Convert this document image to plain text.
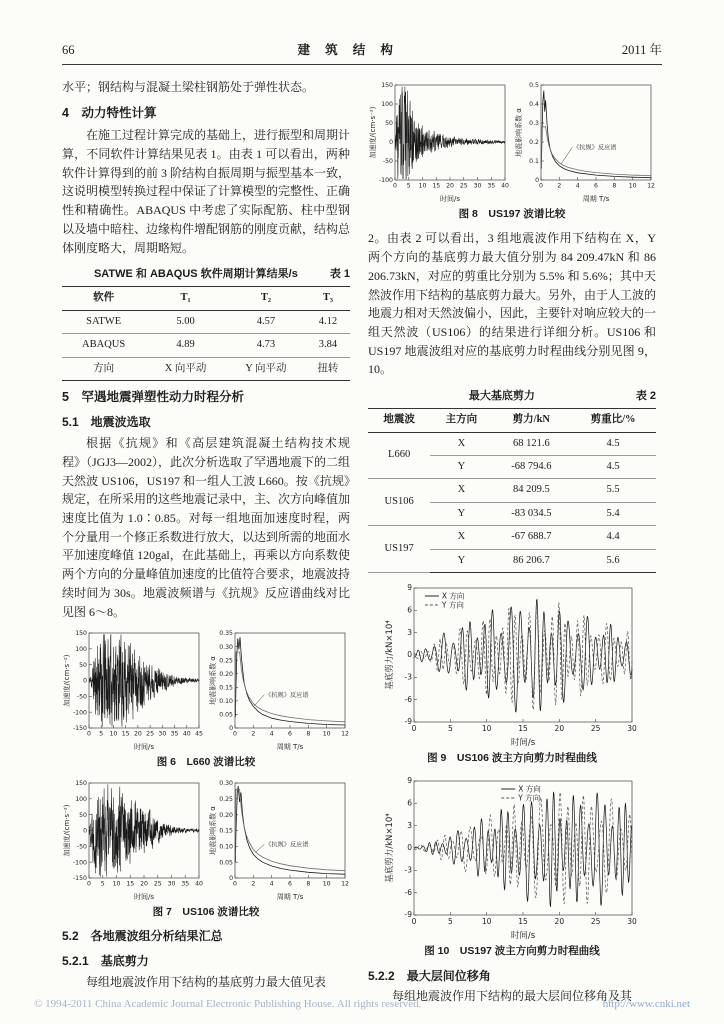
66	建 筑 结 构	2011 年

水平；钢结构与混凝土梁柱钢筋处于弹性状态。

4　动力特性计算

在施工过程计算完成的基础上，进行振型和周期计算，不同软件计算结果见表 1。由表 1 可以看出，两种软件计算得到的前 3 阶结构自振周期与振型基本一致，这说明模型转换过程中保证了计算模型的完整性、正确性和精确性。ABAQUS 中考虑了实际配筋、柱中型钢以及墙中暗柱、边缘构件增配钢筋的刚度贡献，结构总体刚度略大，周期略短。

SATWE 和 ABAQUS 软件周期计算结果/s	表 1
软件	T₁	T₂	T₃
SATWE	5.00	4.57	4.12
ABAQUS	4.89	4.73	3.84
方向	X 向平动	Y 向平动	扭转
5　罕遇地震弹塑性动力时程分析
5.1　地震波选取

根据《抗规》和《高层建筑混凝土结构技术规程》（JGJ3—2002），此次分析选取了罕遇地震下的二组天然波 US106，US197 和一组人工波 L660。按《抗规》规定，在所采用的这些地震记录中，主、次方向峰值加速度比值为 1.0∶0.85。对每一组地面加速度时程，两个分量用一个修正系数进行放大，以达到所需的地面水平加速度峰值 120gal，在此基础上，再乘以方向系数使两个方向的分量峰值加速度的比值符合要求，地震波持续时间为 30s。地震波频谱与《抗规》反应谱曲线对比见图 6～8。

0 5 10 15 20 25 30 35 40 45
-150
-100
-50
0
50
100
150
时间/s
加速度/(cm·s⁻²)
0 2 4 6 8 10 12
0
0.05
0.10
0.15
0.20
0.25
0.30
0.35
周期 T/s
地震影响系数 α	《抗规》反应谱
图 6　L660 波谱比较
0 5 10 15 20 25 30 35 40
-150
-100
-50
0
50
100
150
时间/s
加速度/(cm·s⁻²)
0 2 4 6 8 10 12
0
0.05
0.10
0.15
0.20
0.25
0.30
周期 T/s
地震影响系数 α	《抗规》反应谱
图 7　US106 波谱比较
5.2　各地震波组分析结果汇总
5.2.1　基底剪力

每组地震波作用下结构的基底剪力最大值见表

0 5 10 15 20 25 30 35 40
-100
-50
0
50
100
150
时间/s
加速度/(cm·s⁻²)
0 2 4 6 8 10 12
0
0.1
0.2
0.3
0.4
0.5
周期 T/s
地震影响系数 α	《抗规》反应谱
图 8　US197 波谱比较

2。由表 2 可以看出，3 组地震波作用下结构在 X，Y 两个方向的基底剪力最大值分别为 84 209.47kN 和 86 206.73kN，对应的剪重比分别为 5.5% 和 5.6%；其中天然波作用下结构的基底剪力最大。另外，由于人工波的地震力相对天然波偏小，因此，主要针对响应较大的一组天然波（US106）的结果进行详细分析。US106 和 US197 地震波组对应的基底剪力时程曲线分别见图 9，10。

最大基底剪力	表 2
地震波	主方向	剪力/kN	剪重比/%
L660	X	68 121.6	4.5
	Y	-68 794.6	4.5
US106	X	84 209.5	5.5
	Y	-83 034.5	5.4
US197	X	-67 688.7	4.4
	Y	86 206.7	5.6
0	5	10	15	20	25	30
-9
-6
-3
0
3
6
9
时间/s
基底剪力/kN×10⁴
X 方向
Y 方向
图 9　US106 波主方向剪力时程曲线
0	5	10	15	20	25	30
-9
-6
-3
0
3
6
9
时间/s
基底剪力/kN×10⁴
X 方向
Y 方向
图 10　US197 波主方向剪力时程曲线
5.2.2　最大层间位移角

每组地震波作用下结构的最大层间位移角及其

© 1994-2011 China Academic Journal Electronic Publishing House. All rights reserved.	http://www.cnki.net
